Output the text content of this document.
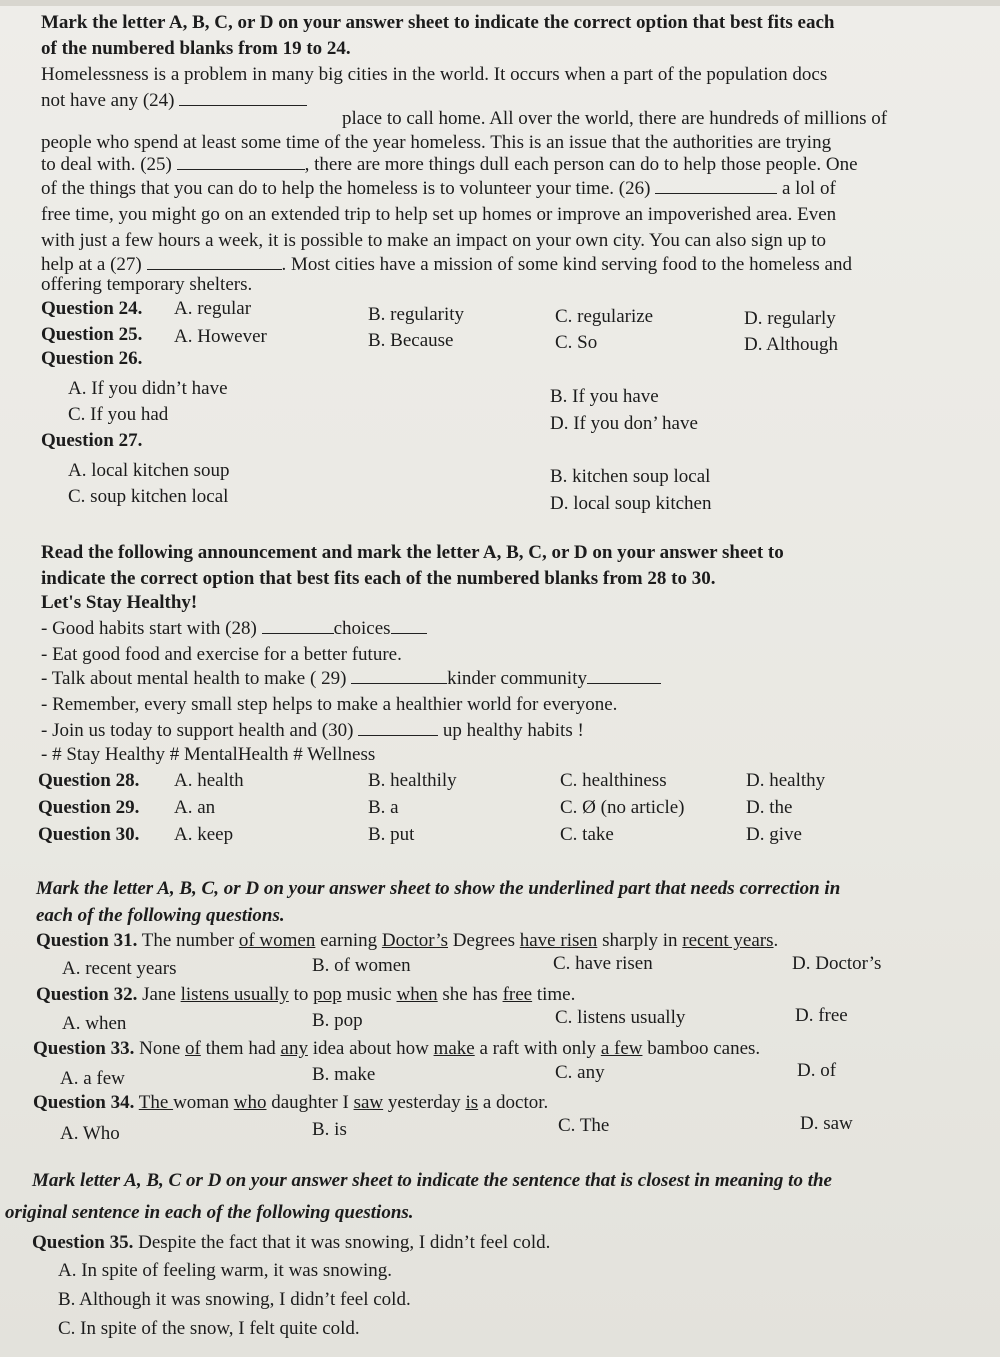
Mark the letter A, B, C, or D on your answer sheet to indicate the correct option that best fits each
of the numbered blanks from 19 to 24.
Homelessness is a problem in many big cities in the world. It occurs when a part of the population docs
not have any (24)
place to call home. All over the world, there are hundreds of millions of
people who spend at least some time of the year homeless. This is an issue that the authorities are trying
to deal with. (25)	, there are more things dull each person can do to help those people. One
of the things that you can do to help the homeless is to volunteer your time. (26)	a lol of
free time, you might go on an extended trip to help set up homes or improve an impoverished area. Even
with just a few hours a week, it is possible to make an impact on your own city. You can also sign up to
help at a (27)	. Most cities have a mission of some kind serving food to the homeless and
offering temporary shelters.
Question 24. A. regular	B. regularity	C. regularize	D. regularly
Question 25. A. However	B. Because	C. So	D. Although
Question 26.
A. If you didn’t have	B. If you have
C. If you had	D. If you don’ have
Question 27.
A. local kitchen soup	B. kitchen soup local
C. soup kitchen local	D. local soup kitchen
Read the following announcement and mark the letter A, B, C, or D on your answer sheet to
indicate the correct option that best fits each of the numbered blanks from 28 to 30.
Let's Stay Healthy!
- Good habits start with (28)	choices
- Eat good food and exercise for a better future.
- Talk about mental health to make ( 29)	kinder community
- Remember, every small step helps to make a healthier world for everyone.
- Join us today to support health and (30)	up healthy habits !
- # Stay Healthy # MentalHealth # Wellness
Question 28. A. health	B. healthily	C. healthiness	D. healthy
Question 29. A. an	B. a	C. Ø (no article)	D. the
Question 30. A. keep	B. put	C. take	D. give
Mark the letter A, B, C, or D on your answer sheet to show the underlined part that needs correction in
each of the following questions.
Question 31. The number of women earning Doctor’s Degrees have risen sharply in recent years.
A. recent years	B. of women	C. have risen	D. Doctor’s
Question 32. Jane listens usually to pop music when she has free time.
A. when	B. pop	C. listens usually	D. free
Question 33. None of them had any idea about how make a raft with only a few bamboo canes.
A. a few	B. make	C. any	D. of
Question 34. The woman who daughter I saw yesterday is a doctor.
A. Who	B. is	C. The	D. saw
Mark letter A, B, C or D on your answer sheet to indicate the sentence that is closest in meaning to the
original sentence in each of the following questions.
Question 35. Despite the fact that it was snowing, I didn’t feel cold.
A. In spite of feeling warm, it was snowing.
B. Although it was snowing, I didn’t feel cold.
C. In spite of the snow, I felt quite cold.
